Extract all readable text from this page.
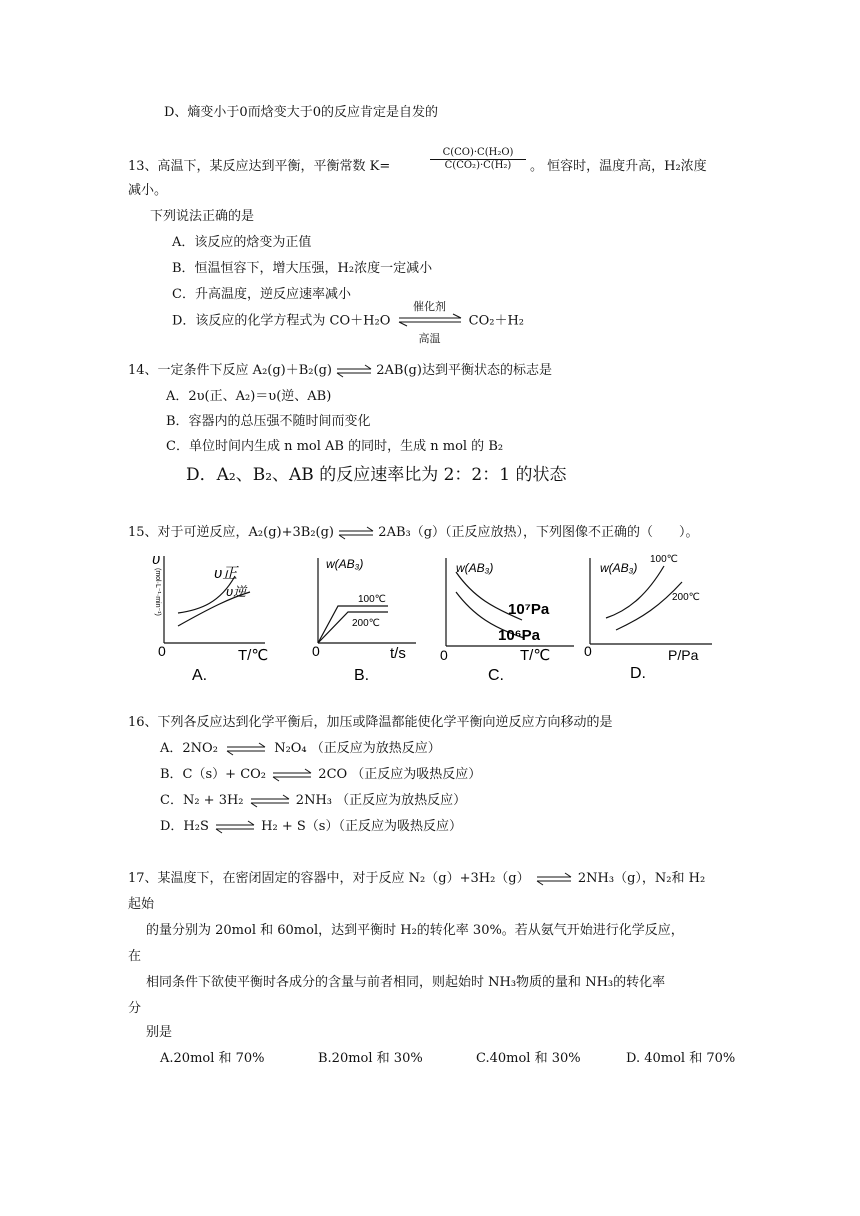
D、熵变小于0而焓变大于0的反应肯定是自发的
13、高温下，某反应达到平衡，平衡常数 K=	$\frac{\text{C(CO)·C(H₂O)}}{\text{C(CO₂)·C(H₂)}}$ 。 恒容时，温度升高，H₂浓度
减小。
下列说法正确的是
A．该反应的焓变为正值
B．恒温恒容下，增大压强，H₂浓度一定减小
C．升高温度，逆反应速率减小
D．该反应的化学方程式为 CO＋H₂O
催化剂
高温
CO₂＋H₂
14、一定条件下反应 A₂(g)＋B₂(g) ⇌ 2AB(g)达到平衡状态的标志是
A．2υ(正、A₂)＝υ(逆、AB)
B．容器内的总压强不随时间而变化
C．单位时间内生成 n mol AB 的同时，生成 n mol 的 B₂
D．A₂、B₂、AB 的反应速率比为 2：2：1 的状态
15、对于可逆反应，A₂(g)+3B₂(g) ⇌ 2AB₃（g）（正反应放热），下列图像不正确的（　　）。
υ
(mol·L⁻¹·min⁻¹)	υ正
υ逆
0	T/℃
A.
w(AB₃)
100℃
200℃
0	t/s
B.
w(AB₃)
10⁷Pa
10⁶Pa
0	T/℃
C.
w(AB₃)
100℃
200℃
0	P/Pa
D.
16、下列各反应达到化学平衡后，加压或降温都能使化学平衡向逆反应方向移动的是
A．2NO₂ ⇌ N₂O₄ （正反应为放热反应）
B．C（s）+ CO₂ ⇌ 2CO （正反应为吸热反应）
C．N₂ + 3H₂ ⇌ 2NH₃ （正反应为放热反应）
D．H₂S ⇌ H₂ + S（s）（正反应为吸热反应）
17、某温度下，在密闭固定的容器中，对于反应 N₂（g）+3H₂（g） ⇌ 2NH₃（g），N₂和 H₂
起始
的量分别为 20mol 和 60mol，达到平衡时 H₂的转化率 30%。若从氨气开始进行化学反应，
在
相同条件下欲使平衡时各成分的含量与前者相同，则起始时 NH₃物质的量和 NH₃的转化率
分
别是
A.20mol 和 70%	B.20mol 和 30%	C.40mol 和 30%	D. 40mol 和 70%
